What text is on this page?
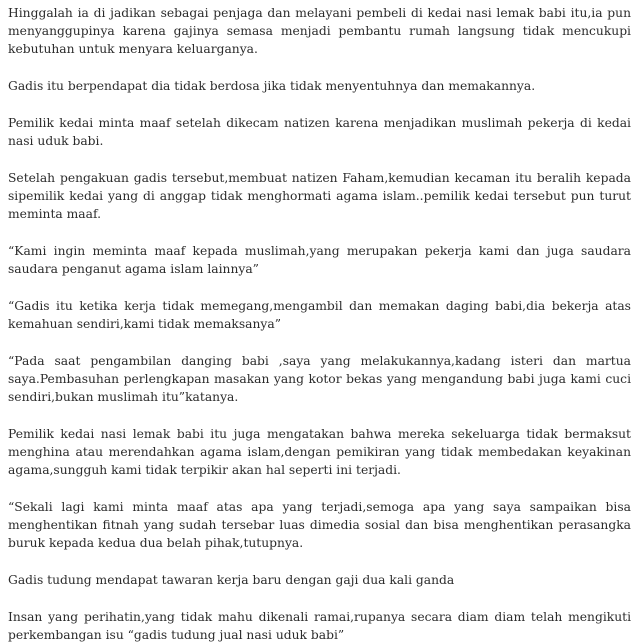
Hinggalah ia di jadikan sebagai penjaga dan melayani pembeli di kedai nasi lemak babi itu,ia pun menyanggupinya karena gajinya semasa menjadi pembantu rumah langsung tidak mencukupi kebutuhan untuk menyara keluarganya.

Gadis itu berpendapat dia tidak berdosa jika tidak menyentuhnya dan memakannya.

Pemilik kedai minta maaf setelah dikecam natizen karena menjadikan muslimah pekerja di kedai nasi uduk babi.

Setelah pengakuan gadis tersebut,membuat natizen Faham,kemudian kecaman itu beralih kepada sipemilik kedai yang di anggap tidak menghormati agama islam..pemilik kedai tersebut pun turut meminta maaf.

“Kami ingin meminta maaf kepada muslimah,yang merupakan pekerja kami dan juga saudara saudara penganut agama islam lainnya”

“Gadis itu ketika kerja tidak memegang,mengambil dan memakan daging babi,dia bekerja atas kemahuan sendiri,kami tidak memaksanya”

“Pada saat pengambilan danging babi ,saya yang melakukannya,kadang isteri dan martua saya.Pembasuhan perlengkapan masakan yang kotor bekas yang mengandung babi juga kami cuci sendiri,bukan muslimah itu”katanya.

Pemilik kedai nasi lemak babi itu juga mengatakan bahwa mereka sekeluarga tidak bermaksut menghina atau merendahkan agama islam,dengan pemikiran yang tidak membedakan keyakinan agama,sungguh kami tidak terpikir akan hal seperti ini terjadi.

“Sekali lagi kami minta maaf atas apa yang terjadi,semoga apa yang saya sampaikan bisa menghentikan fitnah yang sudah tersebar luas dimedia sosial dan bisa menghentikan perasangka buruk kepada kedua dua belah pihak,tutupnya.

Gadis tudung mendapat tawaran kerja baru dengan gaji dua kali ganda

Insan yang perihatin,yang tidak mahu dikenali ramai,rupanya secara diam diam telah mengikuti perkembangan isu “gadis tudung jual nasi uduk babi”
